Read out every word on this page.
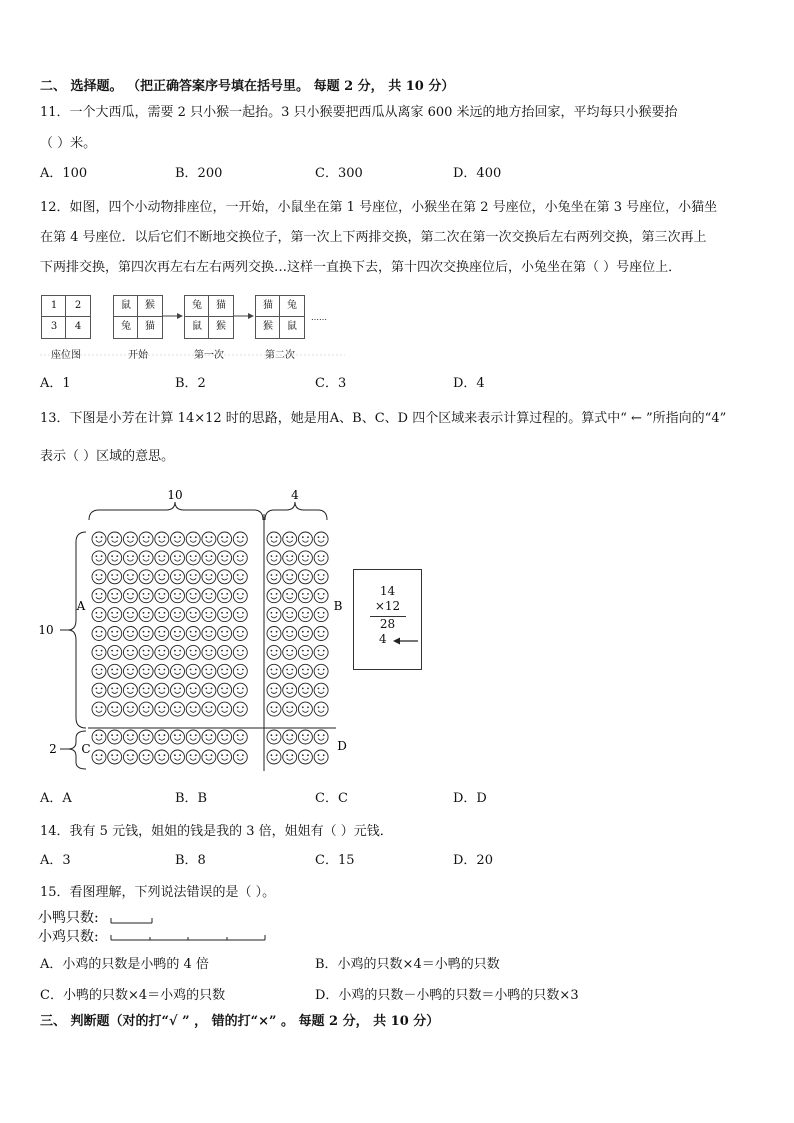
二、 选择题。 （把正确答案序号填在括号里。 每题 2 分， 共 10 分）
11．一个大西瓜，需要 2 只小猴一起抬。3 只小猴要把西瓜从离家 600 米远的地方抬回家，平均每只小猴要抬
（ ）米。
A．100	B．200	C．300	D．400
12．如图，四个小动物排座位，一开始，小鼠坐在第 1 号座位，小猴坐在第 2 号座位，小兔坐在第 3 号座位，小猫坐
在第 4 号座位．以后它们不断地交换位子，第一次上下两排交换，第二次在第一次交换后左右两列交换，第三次再上
下两排交换，第四次再左右左右两列交换…这样一直换下去，第十四次交换座位后，小兔坐在第（ ）号座位上．
1	2
3	4
座位图
鼠	猴
兔	猫
开始
兔	猫
鼠	猴
第一次
猫	兔
猴	鼠
第二次
……
A．1	B．2	C．3	D．4
13．下图是小芳在计算 14×12 时的思路，她是用A、B、C、D 四个区域来表示计算过程的。算式中“ ← ”所指向的“4”
表示（ ）区域的意思。
10	4
10
2
A	B
C	D
14
×12
28
4
A．A	B．B	C．C	D．D
14．我有 5 元钱，姐姐的钱是我的 3 倍，姐姐有（ ）元钱．
A．3	B．8	C．15	D．20
15．看图理解，下列说法错误的是（ ）。
小鸭只数:
小鸡只数:
A．小鸡的只数是小鸭的 4 倍	B．小鸡的只数×4＝小鸭的只数
C．小鸭的只数×4＝小鸡的只数	D．小鸡的只数－小鸭的只数＝小鸭的只数×3
三、 判断题（对的打“√ ” ， 错的打“×” 。 每题 2 分， 共 10 分）
